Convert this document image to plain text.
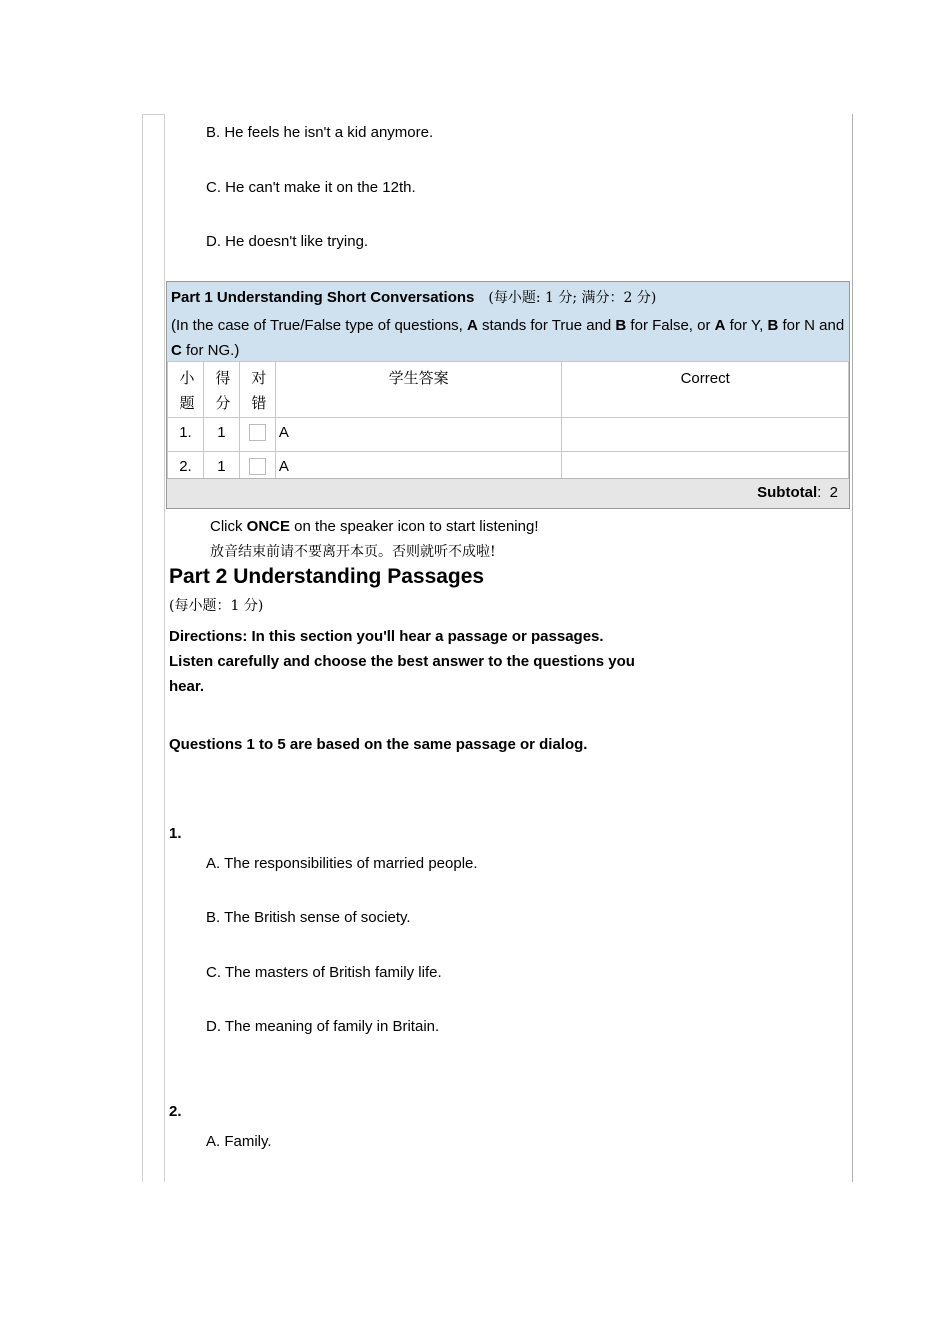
B. He feels he isn't a kid anymore.
C. He can't make it on the 12th.
D. He doesn't like trying.
Part 1 Understanding Short Conversations (每小题: 1 分; 满分：2 分)
(In the case of True/False type of questions, A stands for True and B for False, or A for Y, B for N and C for NG.)
小题	得分	对错	学生答案	Correct

1.	1		A	
2.	1		A	
Subtotal: 2
Click ONCE on the speaker icon to start listening!
放音结束前请不要离开本页。否则就听不成啦!
Part 2 Understanding Passages
(每小题：1 分)
Directions: In this section you'll hear a passage or passages. Listen carefully and choose the best answer to the questions you hear.
Questions 1 to 5 are based on the same passage or dialog.
1.
A. The responsibilities of married people.
B. The British sense of society.
C. The masters of British family life.
D. The meaning of family in Britain.
2.
A. Family.
